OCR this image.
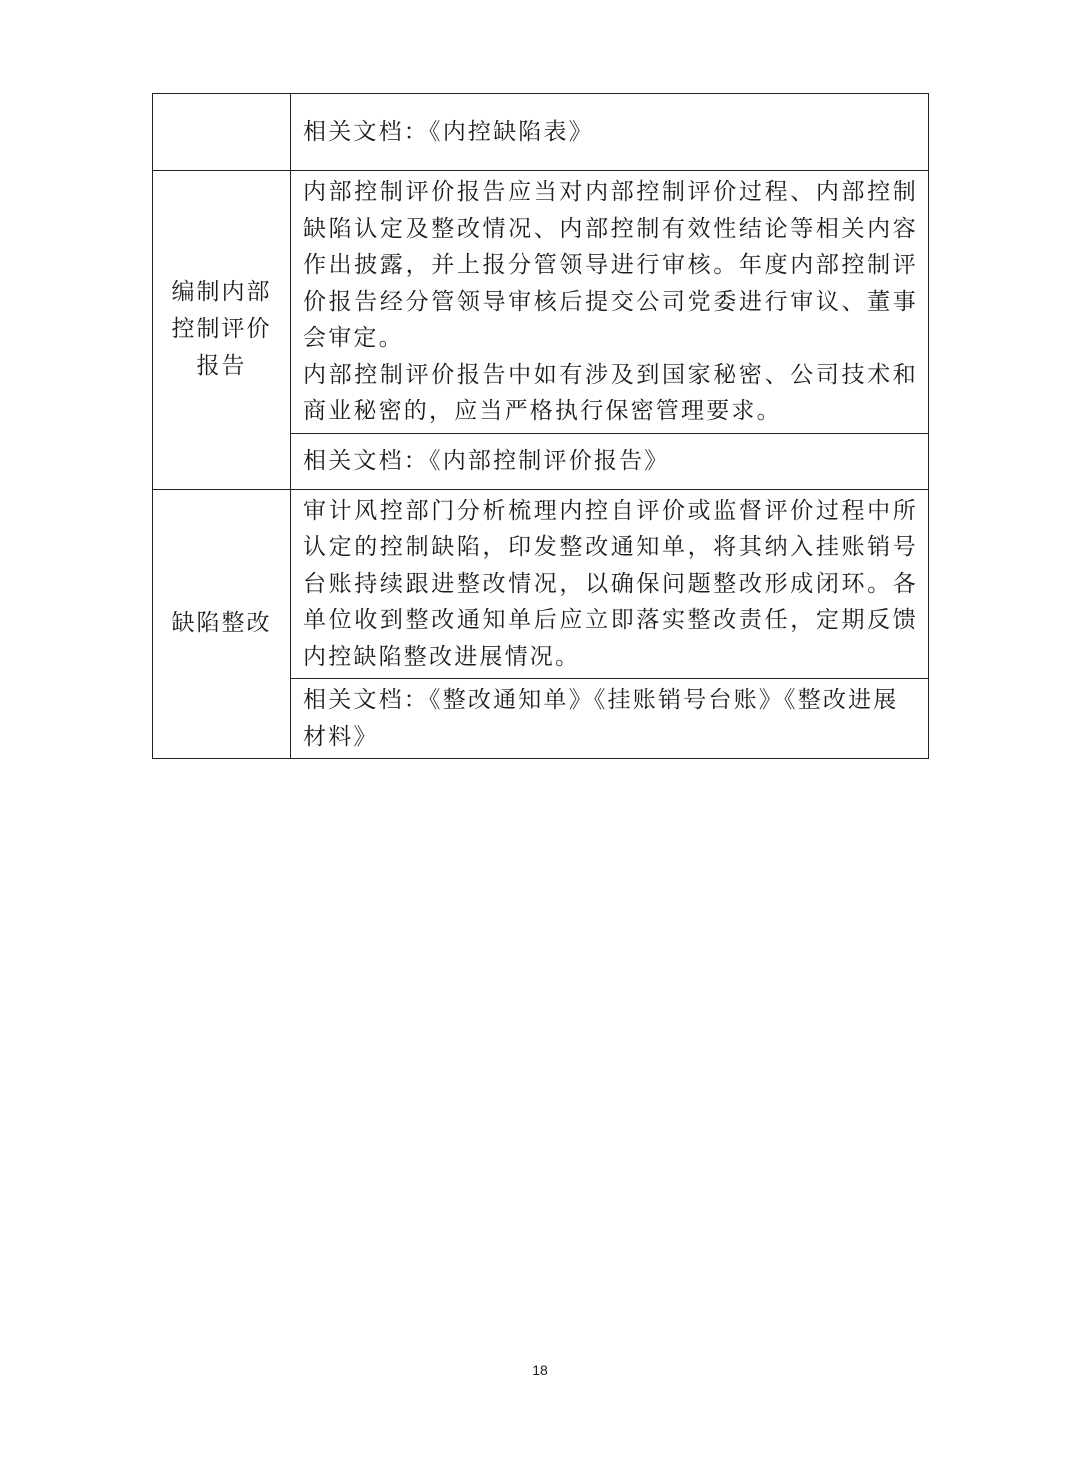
	相关文档：《内控缺陷表》
编制内部控制评价报告	内部控制评价报告应当对内部控制评价过程、内部控制缺陷认定及整改情况、内部控制有效性结论等相关内容作出披露，并上报分管领导进行审核。年度内部控制评价报告经分管领导审核后提交公司党委进行审议、董事会审定。

内部控制评价报告中如有涉及到国家秘密、公司技术和商业秘密的，应当严格执行保密管理要求。

	相关文档：《内部控制评价报告》
缺陷整改	审计风控部门分析梳理内控自评价或监督评价过程中所认定的控制缺陷，印发整改通知单，将其纳入挂账销号台账持续跟进整改情况，以确保问题整改形成闭环。各单位收到整改通知单后应立即落实整改责任，定期反馈内控缺陷整改进展情况。

	相关文档：《整改通知单》《挂账销号台账》《整改进展材料》
18
